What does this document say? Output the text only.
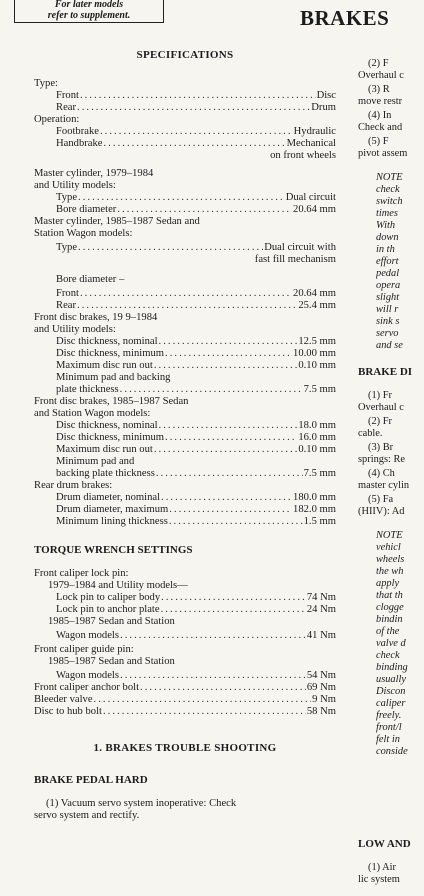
For later models
refer to supplement.	BRAKES
SPECIFICATIONS
Type:
Front . . .	Disc
Rear . . .	Drum
Operation:
Footbrake . . .	Hydraulic
Handbrake . . .	Mechanical
on front wheels
Master cylinder, 1979–1984
and Utility models:
Type . . .	Dual circuit
Bore diameter . . .	20.64 mm
Master cylinder, 1985–1987 Sedan and
Station Wagon models:
Type . . .	Dual circuit with
fast fill mechanism
Bore diameter –
Front . . .	20.64 mm
Rear . . .	25.4 mm
Front disc brakes, 19 9–1984
and Utility models:
Disc thickness, nominal . . .	12.5 mm
Disc thickness, minimum . . .	10.00 mm
Maximum disc run out . . .	0.10 mm
Minimum pad and backing
plate thickness . . .	7.5 mm
Front disc brakes, 1985–1987 Sedan
and Station Wagon models:
Disc thickness, nominal . . .	18.0 mm
Disc thickness, minimum . . .	16.0 mm
Maximum disc run out . . .	0.10 mm
Minimum pad and
backing plate thickness . . .	7.5 mm
Rear drum brakes:
Drum diameter, nominal . . .	180.0 mm
Drum diameter, maximum . . .	182.0 mm
Minimum lining thickness . . .	1.5 mm
TORQUE WRENCH SETTINGS
Front caliper lock pin:
1979–1984 and Utility models—
Lock pin to caliper body . . .	74 Nm
Lock pin to anchor plate . . .	24 Nm
1985–1987 Sedan and Station
Wagon models . . .	41 Nm
Front caliper guide pin:
1985–1987 Sedan and Station
Wagon models . . .	54 Nm
Front caliper anchor bolt . . .	69 Nm
Bleeder valve . . .	9 Nm
Disc to hub bolt . . .	58 Nm
1. BRAKES TROUBLE SHOOTING
BRAKE PEDAL HARD
(1) Vacuum servo system inoperative: Check
servo system and rectify.
(2) F
Overhaul c
(3) R
move restr
(4) In
Check and
(5) F
pivot assem
NOTE
check
switch
times
With
down
in th
effort
pedal
opera
slight
will r
sink s
servo
and se
BRAKE DI
(1) Fr
Overhaul c
(2) Fr
cable.
(3) Br
springs: Re
(4) Ch
master cylin
(5) Fa
(HIIV): Ad
NOTE
vehicl
wheels
the wh
apply
that th
clogge
bindin
of the
valve d
check
binding
usually
Discon
caliper
freely.
front/l
felt in
conside
LOW AND
(1) Air
lic system
